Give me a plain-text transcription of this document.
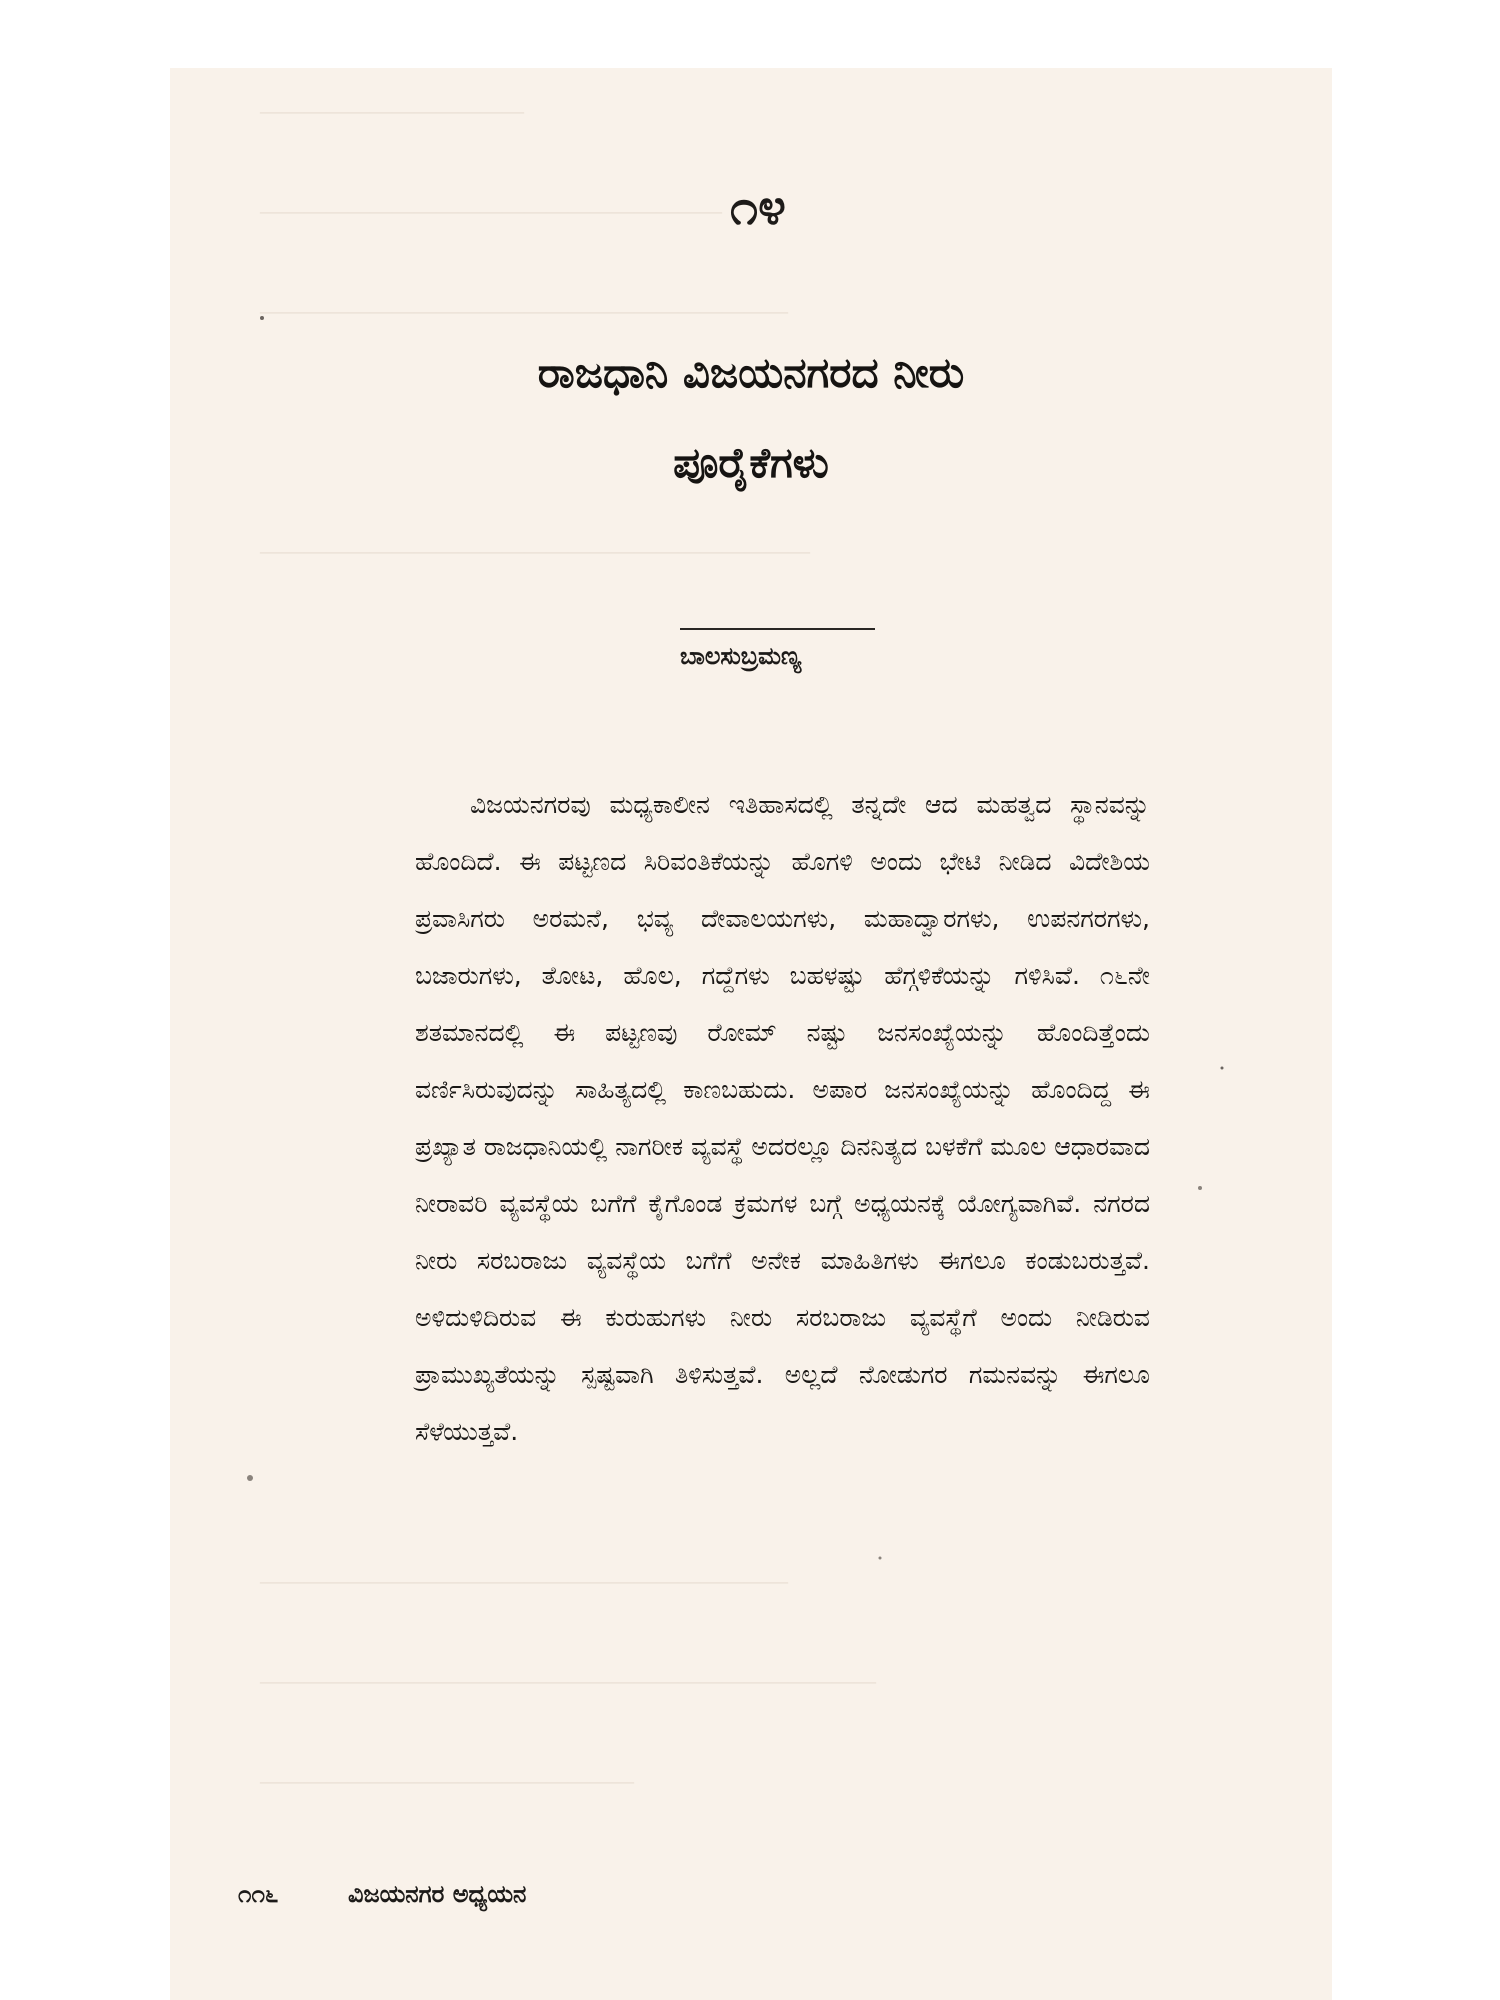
————————————
—————————————————————
————————————————————————
—————————————————————————
————————————————————————
————————————————————————————
—————————————————
೧೪
ರಾಜಧಾನಿ ವಿಜಯನಗರದ ನೀರು
ಪೂರೈಕೆಗಳು
ಬಾಲಸುಬ್ರಮಣ್ಯ
ವಿಜಯನಗರವು ಮಧ್ಯಕಾಲೀನ ಇತಿಹಾಸದಲ್ಲಿ ತನ್ನದೇ ಆದ ಮಹತ್ವದ ಸ್ಥಾನವನ್ನು ಹೊಂದಿದೆ. ಈ ಪಟ್ಟಣದ ಸಿರಿವಂತಿಕೆಯನ್ನು ಹೊಗಳಿ ಅಂದು ಭೇಟಿ ನೀಡಿದ ವಿದೇಶಿಯ ಪ್ರವಾಸಿಗರು ಅರಮನೆ, ಭವ್ಯ ದೇವಾಲಯಗಳು, ಮಹಾದ್ವಾರಗಳು, ಉಪನಗರಗಳು, ಬಜಾರುಗಳು, ತೋಟ, ಹೊಲ, ಗದ್ದೆಗಳು ಬಹಳಷ್ಟು ಹೆಗ್ಗಳಿಕೆಯನ್ನು ಗಳಿಸಿವೆ. ೧೬ನೇ ಶತಮಾನದಲ್ಲಿ ಈ ಪಟ್ಟಣವು ರೋಮ್ ನಷ್ಟು ಜನಸಂಖ್ಯೆಯನ್ನು ಹೊಂದಿತ್ತೆಂದು ವರ್ಣಿಸಿರುವುದನ್ನು ಸಾಹಿತ್ಯದಲ್ಲಿ ಕಾಣಬಹುದು. ಅಪಾರ ಜನಸಂಖ್ಯೆಯನ್ನು ಹೊಂದಿದ್ದ ಈ ಪ್ರಖ್ಯಾತ ರಾಜಧಾನಿಯಲ್ಲಿ ನಾಗರೀಕ ವ್ಯವಸ್ಥೆ ಅದರಲ್ಲೂ ದಿನನಿತ್ಯದ ಬಳಕೆಗೆ ಮೂಲ ಆಧಾರವಾದ ನೀರಾವರಿ ವ್ಯವಸ್ಥೆಯ ಬಗೆಗೆ ಕೈಗೊಂಡ ಕ್ರಮಗಳ ಬಗ್ಗೆ ಅಧ್ಯಯನಕ್ಕೆ ಯೋಗ್ಯವಾಗಿವೆ. ನಗರದ ನೀರು ಸರಬರಾಜು ವ್ಯವಸ್ಥೆಯ ಬಗೆಗೆ ಅನೇಕ ಮಾಹಿತಿಗಳು ಈಗಲೂ ಕಂಡುಬರುತ್ತವೆ. ಅಳಿದುಳಿದಿರುವ ಈ ಕುರುಹುಗಳು ನೀರು ಸರಬರಾಜು ವ್ಯವಸ್ಥೆಗೆ ಅಂದು ನೀಡಿರುವ ಪ್ರಾಮುಖ್ಯತೆಯನ್ನು ಸ್ಪಷ್ಟವಾಗಿ ತಿಳಿಸುತ್ತವೆ. ಅಲ್ಲದೆ ನೋಡುಗರ ಗಮನವನ್ನು ಈಗಲೂ ಸೆಳೆಯುತ್ತವೆ.
೧೧೬	ವಿಜಯನಗರ ಅಧ್ಯಯನ
